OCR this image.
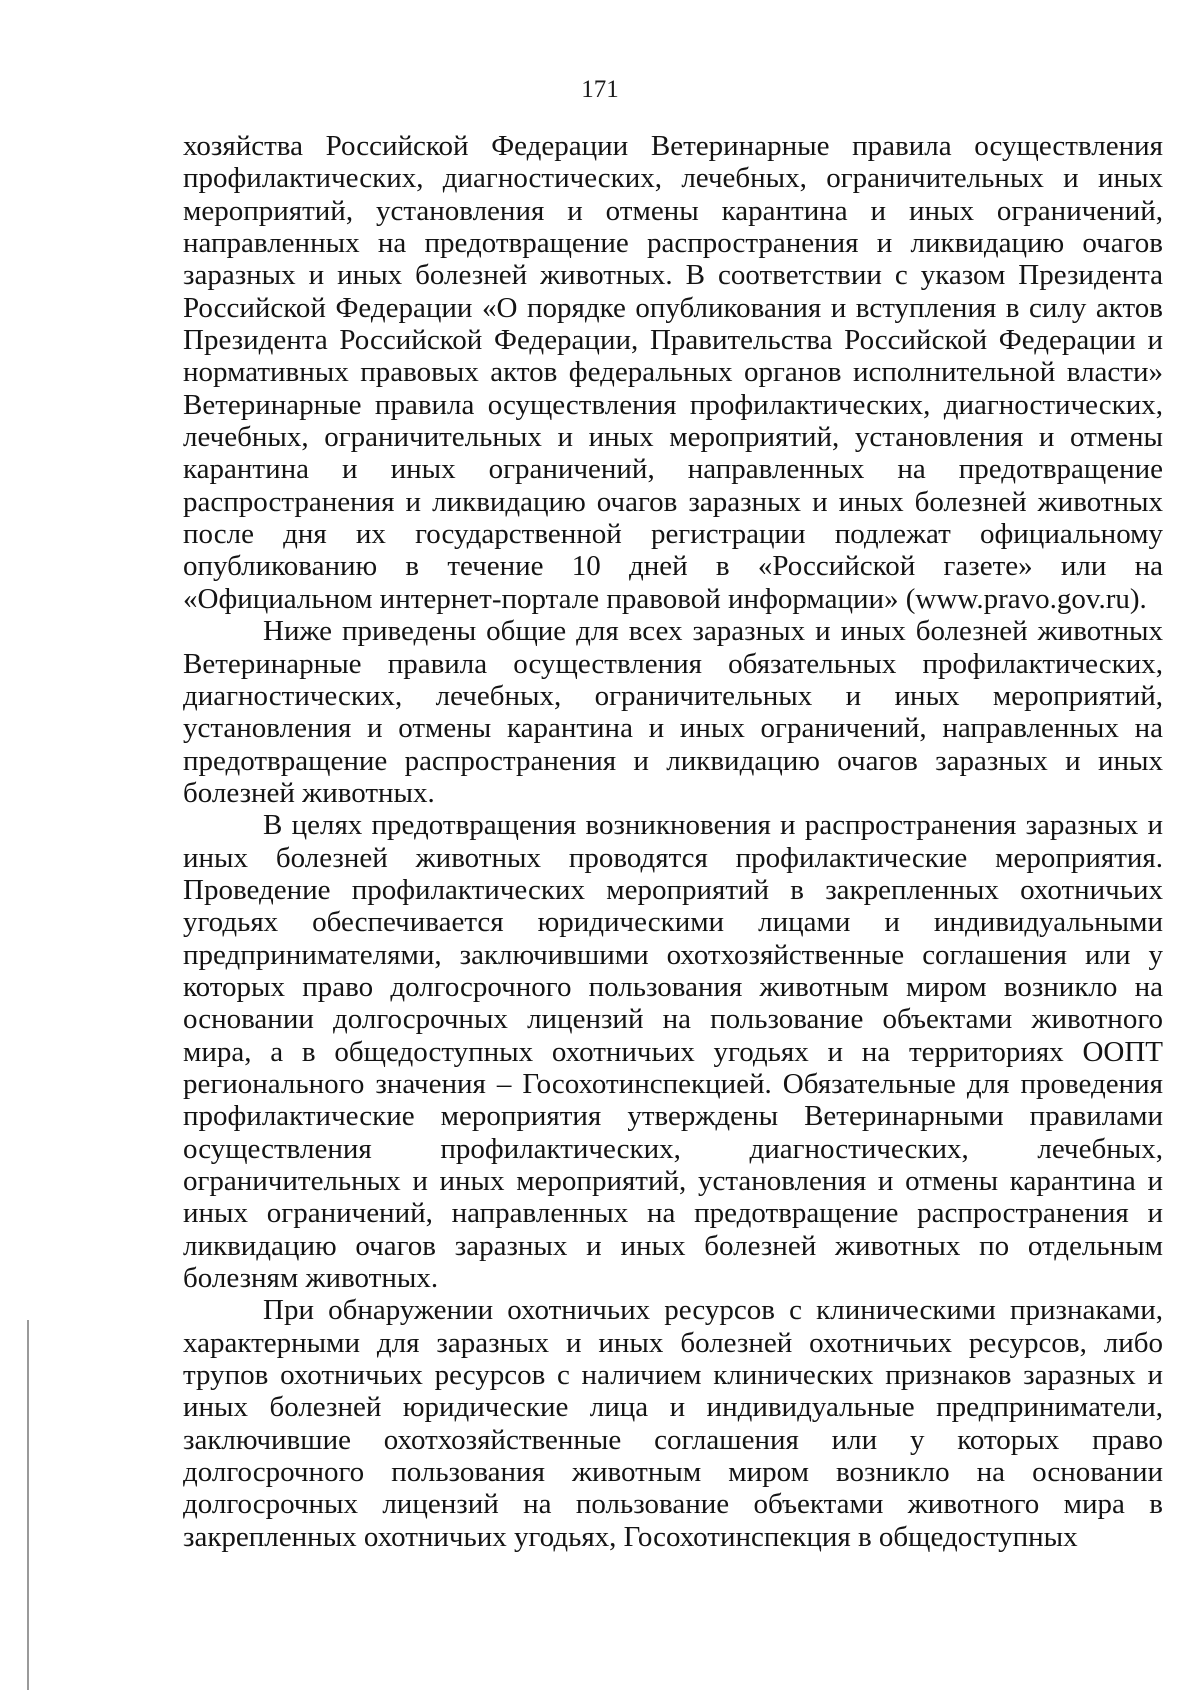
171

хозяйства Российской Федерации Ветеринарные правила осуществления профилактических, диагностических, лечебных, ограничительных и иных мероприятий, установления и отмены карантина и иных ограничений, направленных на предотвращение распространения и ликвидацию очагов заразных и иных болезней животных. В соответствии с указом Президента Российской Федерации «О порядке опубликования и вступления в силу актов Президента Российской Федерации, Правительства Российской Федерации и нормативных правовых актов федеральных органов исполнительной власти» Ветеринарные правила осуществления профилактических, диагностических, лечебных, ограничительных и иных мероприятий, установления и отмены карантина и иных ограничений, направленных на предотвращение распространения и ликвидацию очагов заразных и иных болезней животных после дня их государственной регистрации подлежат официальному опубликованию в течение 10 дней в «Российской газете» или на «Официальном интернет-портале правовой информации» (www.pravo.gov.ru).

Ниже приведены общие для всех заразных и иных болезней животных Ветеринарные правила осуществления обязательных профилактических, диагностических, лечебных, ограничительных и иных мероприятий, установления и отмены карантина и иных ограничений, направленных на предотвращение распространения и ликвидацию очагов заразных и иных болезней животных.

В целях предотвращения возникновения и распространения заразных и иных болезней животных проводятся профилактические мероприятия. Проведение профилактических мероприятий в закрепленных охотничьих угодьях обеспечивается юридическими лицами и индивидуальными предпринимателями, заключившими охотхозяйственные соглашения или у которых право долгосрочного пользования животным миром возникло на основании долгосрочных лицензий на пользование объектами животного мира, а в общедоступных охотничьих угодьях и на территориях ООПТ регионального значения – Госохотинспекцией. Обязательные для проведения профилактические мероприятия утверждены Ветеринарными правилами осуществления профилактических, диагностических, лечебных, ограничительных и иных мероприятий, установления и отмены карантина и иных ограничений, направленных на предотвращение распространения и ликвидацию очагов заразных и иных болезней животных по отдельным болезням животных.

При обнаружении охотничьих ресурсов с клиническими признаками, характерными для заразных и иных болезней охотничьих ресурсов, либо трупов охотничьих ресурсов с наличием клинических признаков заразных и иных болезней юридические лица и индивидуальные предприниматели, заключившие охотхозяйственные соглашения или у которых право долгосрочного пользования животным миром возникло на основании долгосрочных лицензий на пользование объектами животного мира в закрепленных охотничьих угодьях, Госохотинспекция в общедоступных
